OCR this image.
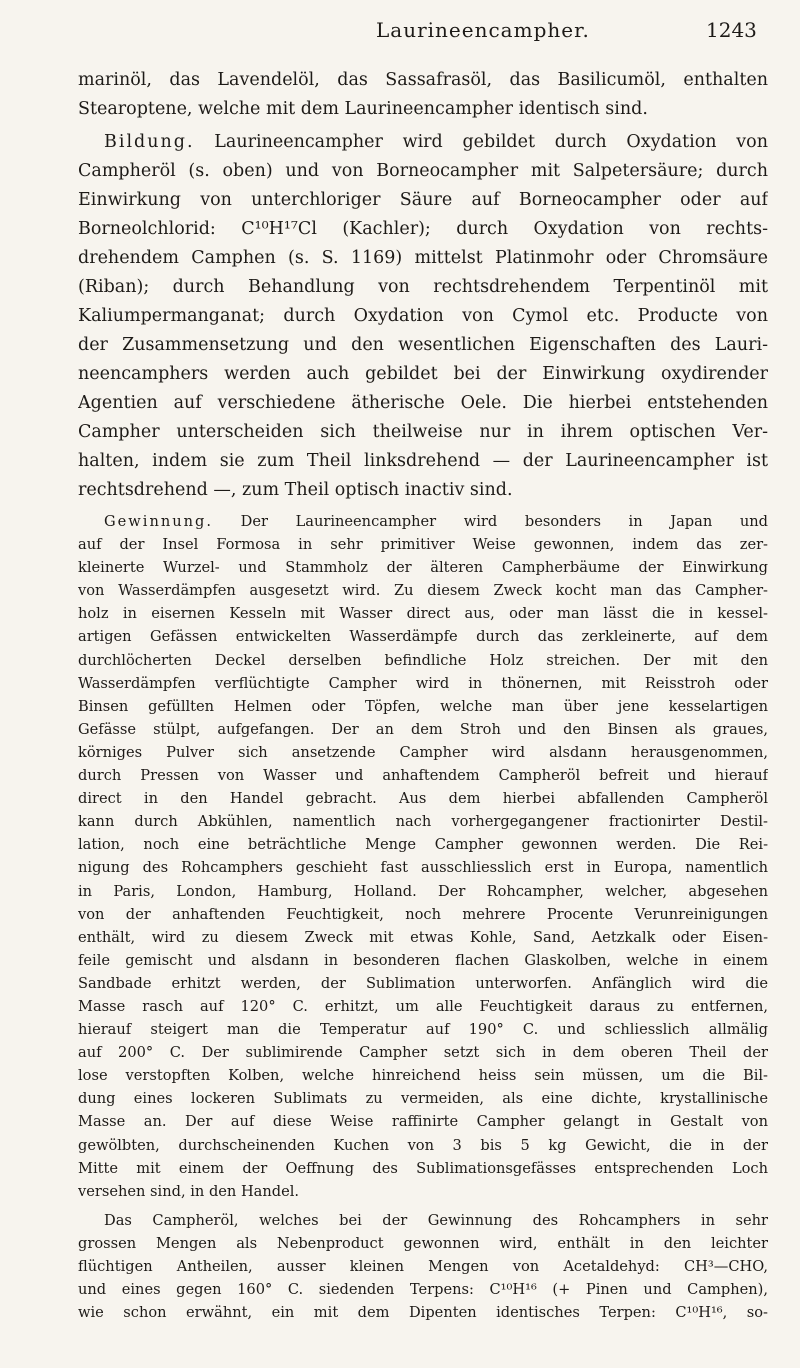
Laurineencampher.	1243
marinöl, das Lavendelöl, das Sassafrasöl, das Basilicumöl, enthalten
Stearoptene, welche mit dem Laurineencampher identisch sind.
Bildung. Laurineencampher wird gebildet durch Oxydation von
Campheröl (s. oben) und von Borneocampher mit Salpetersäure; durch
Einwirkung von unterchloriger Säure auf Borneocampher oder auf
Borneolchlorid: C¹⁰H¹⁷Cl (Kachler); durch Oxydation von rechts-
drehendem Camphen (s. S. 1169) mittelst Platinmohr oder Chromsäure
(Riban); durch Behandlung von rechtsdrehendem Terpentinöl mit
Kaliumpermanganat; durch Oxydation von Cymol etc. Producte von
der Zusammensetzung und den wesentlichen Eigenschaften des Lauri-
neencamphers werden auch gebildet bei der Einwirkung oxydirender
Agentien auf verschiedene ätherische Oele. Die hierbei entstehenden
Campher unterscheiden sich theilweise nur in ihrem optischen Ver-
halten, indem sie zum Theil linksdrehend — der Laurineencampher ist
rechtsdrehend —, zum Theil optisch inactiv sind.
Gewinnung. Der Laurineencampher wird besonders in Japan und
auf der Insel Formosa in sehr primitiver Weise gewonnen, indem das zer-
kleinerte Wurzel- und Stammholz der älteren Campherbäume der Einwirkung
von Wasserdämpfen ausgesetzt wird. Zu diesem Zweck kocht man das Campher-
holz in eisernen Kesseln mit Wasser direct aus, oder man lässt die in kessel-
artigen Gefässen entwickelten Wasserdämpfe durch das zerkleinerte, auf dem
durchlöcherten Deckel derselben befindliche Holz streichen. Der mit den
Wasserdämpfen verflüchtigte Campher wird in thönernen, mit Reisstroh oder
Binsen gefüllten Helmen oder Töpfen, welche man über jene kesselartigen
Gefässe stülpt, aufgefangen. Der an dem Stroh und den Binsen als graues,
körniges Pulver sich ansetzende Campher wird alsdann herausgenommen,
durch Pressen von Wasser und anhaftendem Campheröl befreit und hierauf
direct in den Handel gebracht. Aus dem hierbei abfallenden Campheröl
kann durch Abkühlen, namentlich nach vorhergegangener fractionirter Destil-
lation, noch eine beträchtliche Menge Campher gewonnen werden. Die Rei-
nigung des Rohcamphers geschieht fast ausschliesslich erst in Europa, namentlich
in Paris, London, Hamburg, Holland. Der Rohcampher, welcher, abgesehen
von der anhaftenden Feuchtigkeit, noch mehrere Procente Verunreinigungen
enthält, wird zu diesem Zweck mit etwas Kohle, Sand, Aetzkalk oder Eisen-
feile gemischt und alsdann in besonderen flachen Glaskolben, welche in einem
Sandbade erhitzt werden, der Sublimation unterworfen. Anfänglich wird die
Masse rasch auf 120° C. erhitzt, um alle Feuchtigkeit daraus zu entfernen,
hierauf steigert man die Temperatur auf 190° C. und schliesslich allmälig
auf 200° C. Der sublimirende Campher setzt sich in dem oberen Theil der
lose verstopften Kolben, welche hinreichend heiss sein müssen, um die Bil-
dung eines lockeren Sublimats zu vermeiden, als eine dichte, krystallinische
Masse an. Der auf diese Weise raffinirte Campher gelangt in Gestalt von
gewölbten, durchscheinenden Kuchen von 3 bis 5 kg Gewicht, die in der
Mitte mit einem der Oeffnung des Sublimationsgefässes entsprechenden Loch
versehen sind, in den Handel.
Das Campheröl, welches bei der Gewinnung des Rohcamphers in sehr
grossen Mengen als Nebenproduct gewonnen wird, enthält in den leichter
flüchtigen Antheilen, ausser kleinen Mengen von Acetaldehyd: CH³—CHO,
und eines gegen 160° C. siedenden Terpens: C¹⁰H¹⁶ (+ Pinen und Camphen),
wie schon erwähnt, ein mit dem Dipenten identisches Terpen: C¹⁰H¹⁶, so-
